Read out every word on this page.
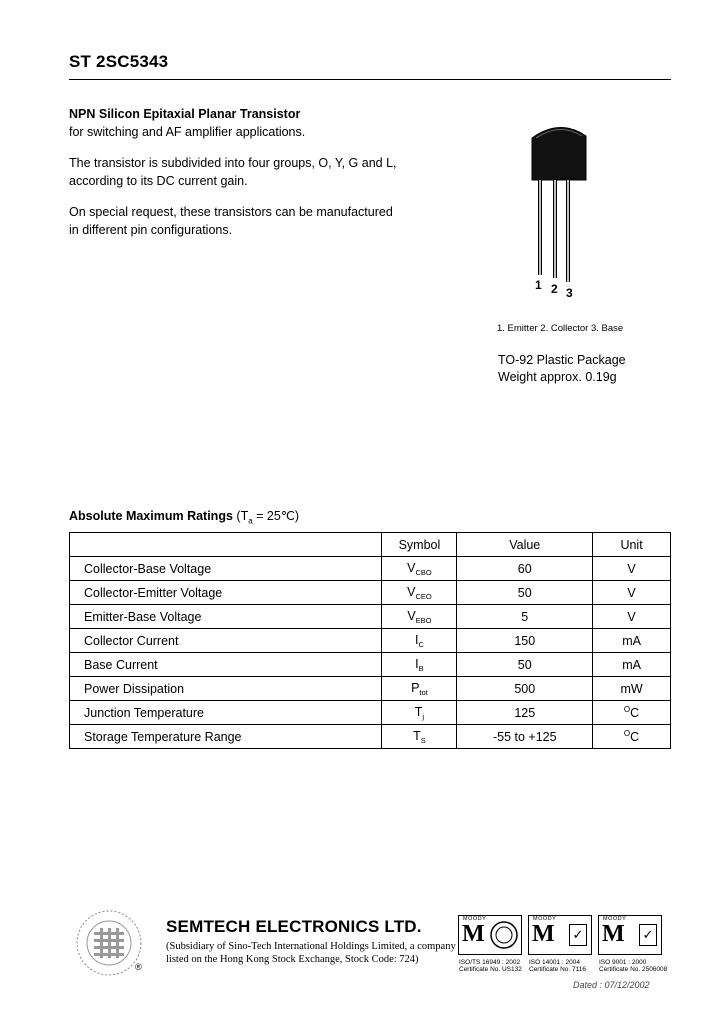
ST 2SC5343
NPN Silicon Epitaxial Planar Transistor

for switching and AF amplifier applications.

The transistor is subdivided into four groups, O, Y, G and L, according to its DC current gain.

On special request, these transistors can be manufactured in different pin configurations.

1 2 3
1. Emitter 2. Collector 3. Base
TO-92 Plastic Package
Weight approx. 0.19g
Absolute Maximum Ratings ($T_a$ = 25℃)
	Symbol	Value	Unit
Collector-Base Voltage	$V_{CBO}$	60	V
Collector-Emitter Voltage	$V_{CEO}$	50	V
Emitter-Base Voltage	$V_{EBO}$	5	V
Collector Current	$I_C$	150	mA
Base Current	$I_B$	50	mA
Power Dissipation	$P_{tot}$	500	mW
Junction Temperature	$T_j$	125	$^O$C
Storage Temperature Range	$T_S$	-55 to +125	$^O$C
®
SEMTECH ELECTRONICS LTD.
(Subsidiary of Sino-Tech International Holdings Limited, a company
listed on the Hong Kong Stock Exchange, Stock Code: 724)
MOODY
M
ISO/TS 16949 : 2002
Certificate No. US132
MOODY
M ✓
ISO 14001 : 2004
Certificate No. 7116
MOODY
M ✓
ISO 9001 : 2000
Certificate No. 2506008
Dated : 07/12/2002
